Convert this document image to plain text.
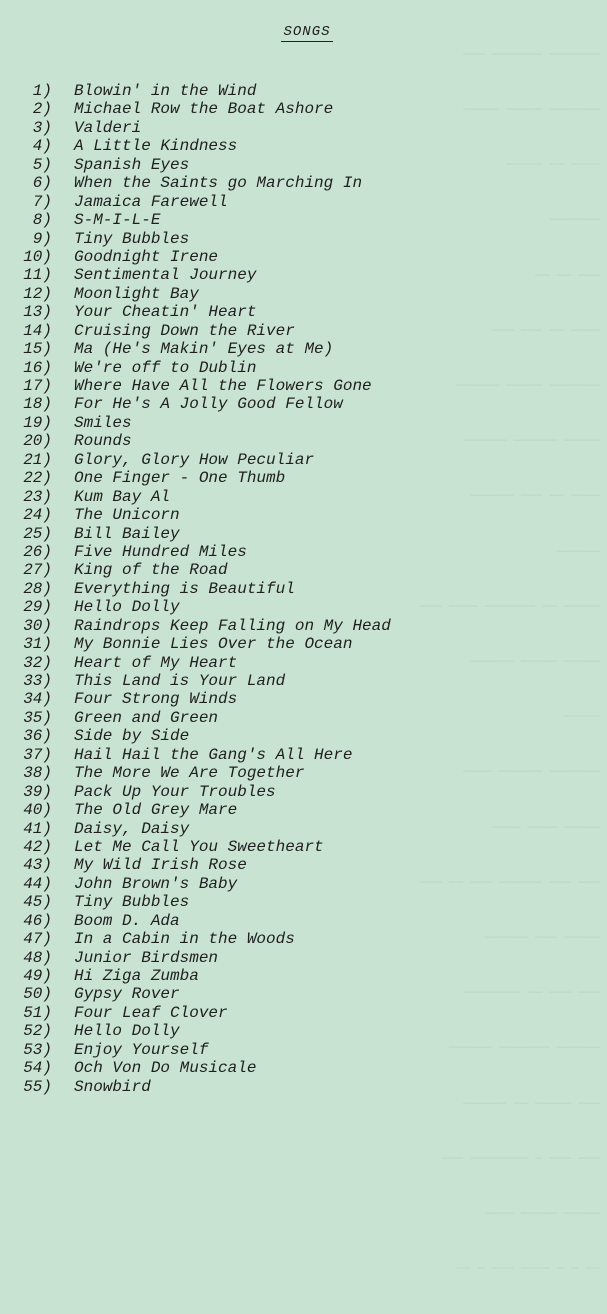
——————— ——————— ———

——————— ————— —————

———— —— —————

———————

——— —— ——

———— —— ——— ———

——————— ————— ——————

————— —————— ——————

———— —— ——— ——————

——————

————— —— ——————— ———— ———

————— ————— ——————

—————

——————— —————— ————

————— ———— ————

——— ——— —————— ——— —— ———

————— ——— ——————

——— ——— —— ————————

—————— ——————— ——————

——— ————— —— ——————

——— ——— — ———————— ———

————— ————— ————

—— — — ———— ——— — ——

SONGS
1) Blowin' in the Wind
2) Michael Row the Boat Ashore
3) Valderi
4) A Little Kindness
5) Spanish Eyes
6) When the Saints go Marching In
7) Jamaica Farewell
8) S-M-I-L-E
9) Tiny Bubbles
10) Goodnight Irene
11) Sentimental Journey
12) Moonlight Bay
13) Your Cheatin' Heart
14) Cruising Down the River
15) Ma (He's Makin' Eyes at Me)
16) We're off to Dublin
17) Where Have All the Flowers Gone
18) For He's A Jolly Good Fellow
19) Smiles
20) Rounds
21) Glory, Glory How Peculiar
22) One Finger - One Thumb
23) Kum Bay Al
24) The Unicorn
25) Bill Bailey
26) Five Hundred Miles
27) King of the Road
28) Everything is Beautiful
29) Hello Dolly
30) Raindrops Keep Falling on My Head
31) My Bonnie Lies Over the Ocean
32) Heart of My Heart
33) This Land is Your Land
34) Four Strong Winds
35) Green and Green
36) Side by Side
37) Hail Hail the Gang's All Here
38) The More We Are Together
39) Pack Up Your Troubles
40) The Old Grey Mare
41) Daisy, Daisy
42) Let Me Call You Sweetheart
43) My Wild Irish Rose
44) John Brown's Baby
45) Tiny Bubbles
46) Boom D. Ada
47) In a Cabin in the Woods
48) Junior Birdsmen
49) Hi Ziga Zumba
50) Gypsy Rover
51) Four Leaf Clover
52) Hello Dolly
53) Enjoy Yourself
54) Och Von Do Musicale
55) Snowbird
